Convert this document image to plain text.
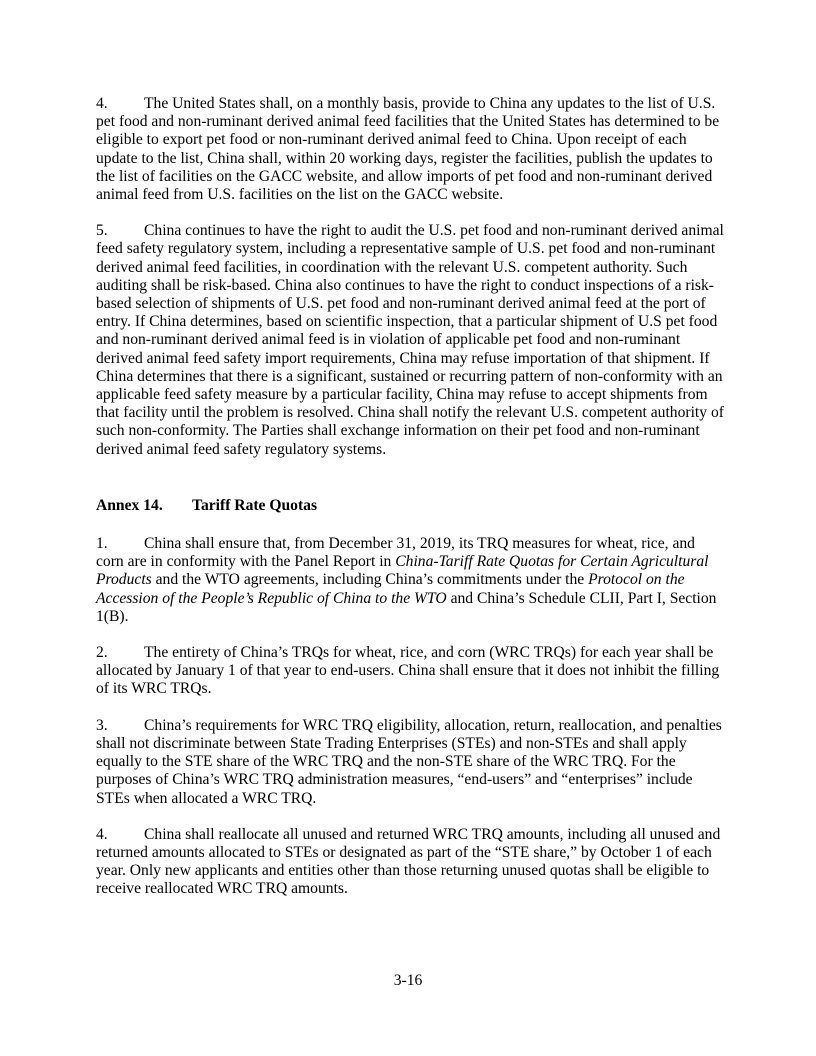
4. The United States shall, on a monthly basis, provide to China any updates to the list of U.S. pet food and non-ruminant derived animal feed facilities that the United States has determined to be eligible to export pet food or non-ruminant derived animal feed to China. Upon receipt of each update to the list, China shall, within 20 working days, register the facilities, publish the updates to the list of facilities on the GACC website, and allow imports of pet food and non-ruminant derived animal feed from U.S. facilities on the list on the GACC website.

5. China continues to have the right to audit the U.S. pet food and non-ruminant derived animal feed safety regulatory system, including a representative sample of U.S. pet food and non-ruminant derived animal feed facilities, in coordination with the relevant U.S. competent authority. Such auditing shall be risk-based. China also continues to have the right to conduct inspections of a risk-based selection of shipments of U.S. pet food and non-ruminant derived animal feed at the port of entry. If China determines, based on scientific inspection, that a particular shipment of U.S pet food and non-ruminant derived animal feed is in violation of applicable pet food and non-ruminant derived animal feed safety import requirements, China may refuse importation of that shipment. If China determines that there is a significant, sustained or recurring pattern of non-conformity with an applicable feed safety measure by a particular facility, China may refuse to accept shipments from that facility until the problem is resolved. China shall notify the relevant U.S. competent authority of such non-conformity. The Parties shall exchange information on their pet food and non-ruminant derived animal feed safety regulatory systems.

Annex 14. Tariff Rate Quotas

1. China shall ensure that, from December 31, 2019, its TRQ measures for wheat, rice, and corn are in conformity with the Panel Report in China-Tariff Rate Quotas for Certain Agricultural Products and the WTO agreements, including China’s commitments under the Protocol on the Accession of the People’s Republic of China to the WTO and China’s Schedule CLII, Part I, Section 1(B).

2. The entirety of China’s TRQs for wheat, rice, and corn (WRC TRQs) for each year shall be allocated by January 1 of that year to end-users. China shall ensure that it does not inhibit the filling of its WRC TRQs.

3. China’s requirements for WRC TRQ eligibility, allocation, return, reallocation, and penalties shall not discriminate between State Trading Enterprises (STEs) and non-STEs and shall apply equally to the STE share of the WRC TRQ and the non-STE share of the WRC TRQ. For the purposes of China’s WRC TRQ administration measures, “end-users” and “enterprises” include STEs when allocated a WRC TRQ.

4. China shall reallocate all unused and returned WRC TRQ amounts, including all unused and returned amounts allocated to STEs or designated as part of the “STE share,” by October 1 of each year. Only new applicants and entities other than those returning unused quotas shall be eligible to receive reallocated WRC TRQ amounts.

3-16
